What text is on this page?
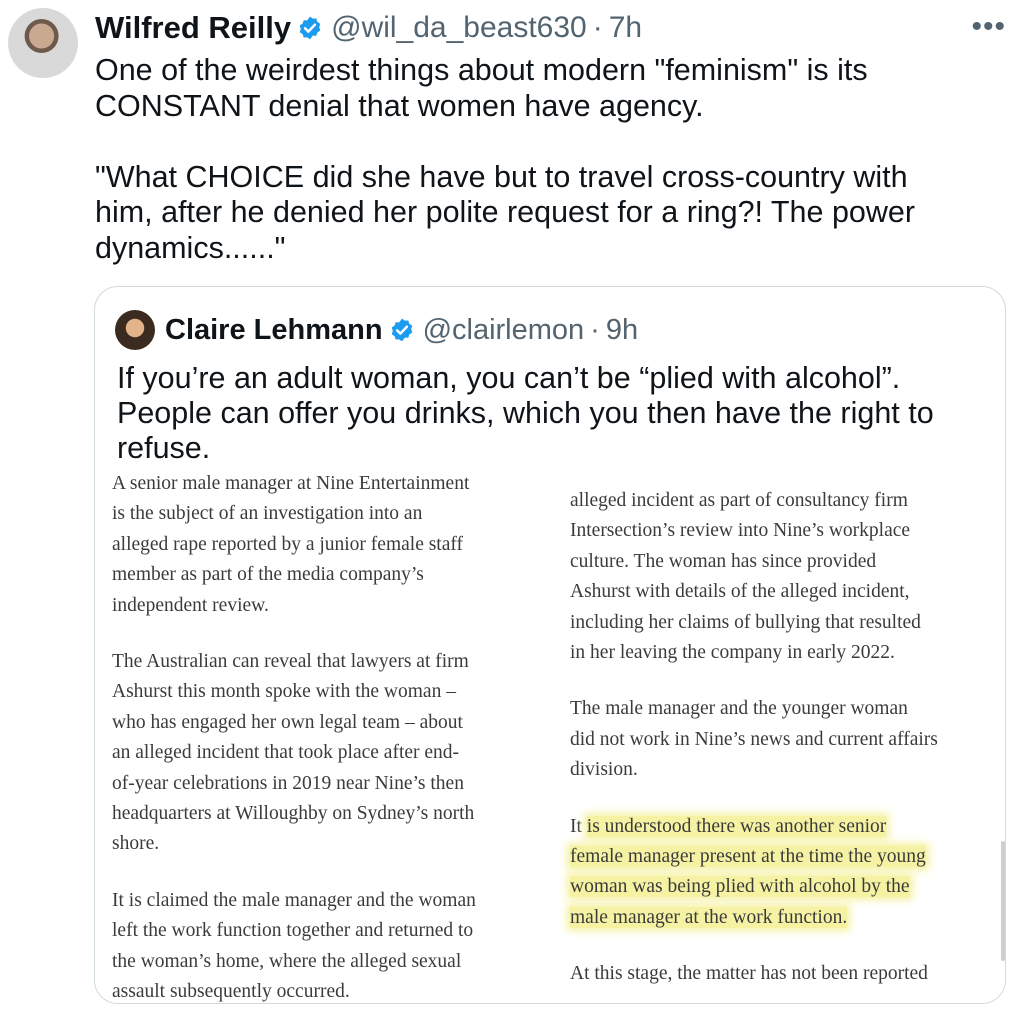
Wilfred Reilly @wil_da_beast630 · 7h	•••

One of the weirdest things about modern "feminism" is its

CONSTANT denial that women have agency.

"What CHOICE did she have but to travel cross-country with

him, after he denied her polite request for a ring?! The power

dynamics......"

Claire Lehmann @clairlemon · 9h
If you’re an adult woman, you can’t be “plied with alcohol”.
People can offer you drinks, which you then have the right to
refuse.

A senior male manager at Nine Entertainment
is the subject of an investigation into an
alleged rape reported by a junior female staff
member as part of the media company’s
independent review.

The Australian can reveal that lawyers at firm
Ashurst this month spoke with the woman –
who has engaged her own legal team – about
an alleged incident that took place after end-
of-year celebrations in 2019 near Nine’s then
headquarters at Willoughby on Sydney’s north
shore.

It is claimed the male manager and the woman
left the work function together and returned to
the woman’s home, where the alleged sexual
assault subsequently occurred.

alleged incident as part of consultancy firm
Intersection’s review into Nine’s workplace
culture. The woman has since provided
Ashurst with details of the alleged incident,
including her claims of bullying that resulted
in her leaving the company in early 2022.

The male manager and the younger woman
did not work in Nine’s news and current affairs
division.

It is understood there was another senior
female manager present at the time the young
woman was being plied with alcohol by the
male manager at the work function.

At this stage, the matter has not been reported
